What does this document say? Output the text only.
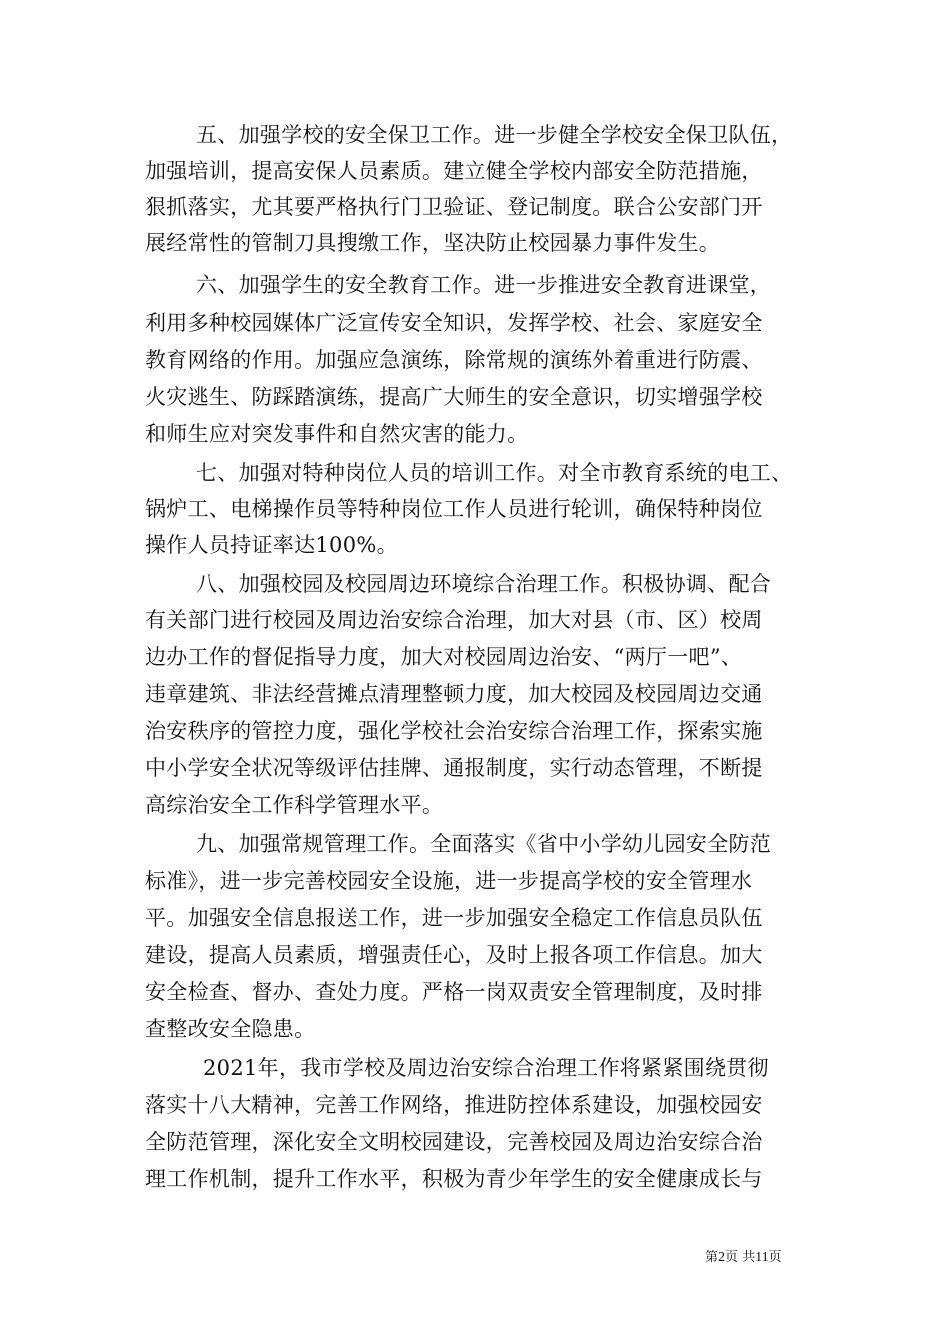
五、加强学校的安全保卫工作。进一步健全学校安全保卫队伍，
加强培训，提高安保人员素质。建立健全学校内部安全防范措施，
狠抓落实，尤其要严格执行门卫验证、登记制度。联合公安部门开
展经常性的管制刀具搜缴工作，坚决防止校园暴力事件发生。
六、加强学生的安全教育工作。进一步推进安全教育进课堂，
利用多种校园媒体广泛宣传安全知识，发挥学校、社会、家庭安全
教育网络的作用。加强应急演练，除常规的演练外着重进行防震、
火灾逃生、防踩踏演练，提高广大师生的安全意识，切实增强学校
和师生应对突发事件和自然灾害的能力。
七、加强对特种岗位人员的培训工作。对全市教育系统的电工、
锅炉工、电梯操作员等特种岗位工作人员进行轮训，确保特种岗位
操作人员持证率达100%。
八、加强校园及校园周边环境综合治理工作。积极协调、配合
有关部门进行校园及周边治安综合治理，加大对县（市、区）校周
边办工作的督促指导力度，加大对校园周边治安、“两厅一吧”、
违章建筑、非法经营摊点清理整顿力度，加大校园及校园周边交通
治安秩序的管控力度，强化学校社会治安综合治理工作，探索实施
中小学安全状况等级评估挂牌、通报制度，实行动态管理，不断提
高综治安全工作科学管理水平。
九、加强常规管理工作。全面落实《省中小学幼儿园安全防范
标准》，进一步完善校园安全设施，进一步提高学校的安全管理水
平。加强安全信息报送工作，进一步加强安全稳定工作信息员队伍
建设，提高人员素质，增强责任心，及时上报各项工作信息。加大
安全检查、督办、查处力度。严格一岗双责安全管理制度，及时排
查整改安全隐患。
2021年，我市学校及周边治安综合治理工作将紧紧围绕贯彻
落实十八大精神，完善工作网络，推进防控体系建设，加强校园安
全防范管理，深化安全文明校园建设，完善校园及周边治安综合治
理工作机制，提升工作水平，积极为青少年学生的安全健康成长与
第2页 共11页
